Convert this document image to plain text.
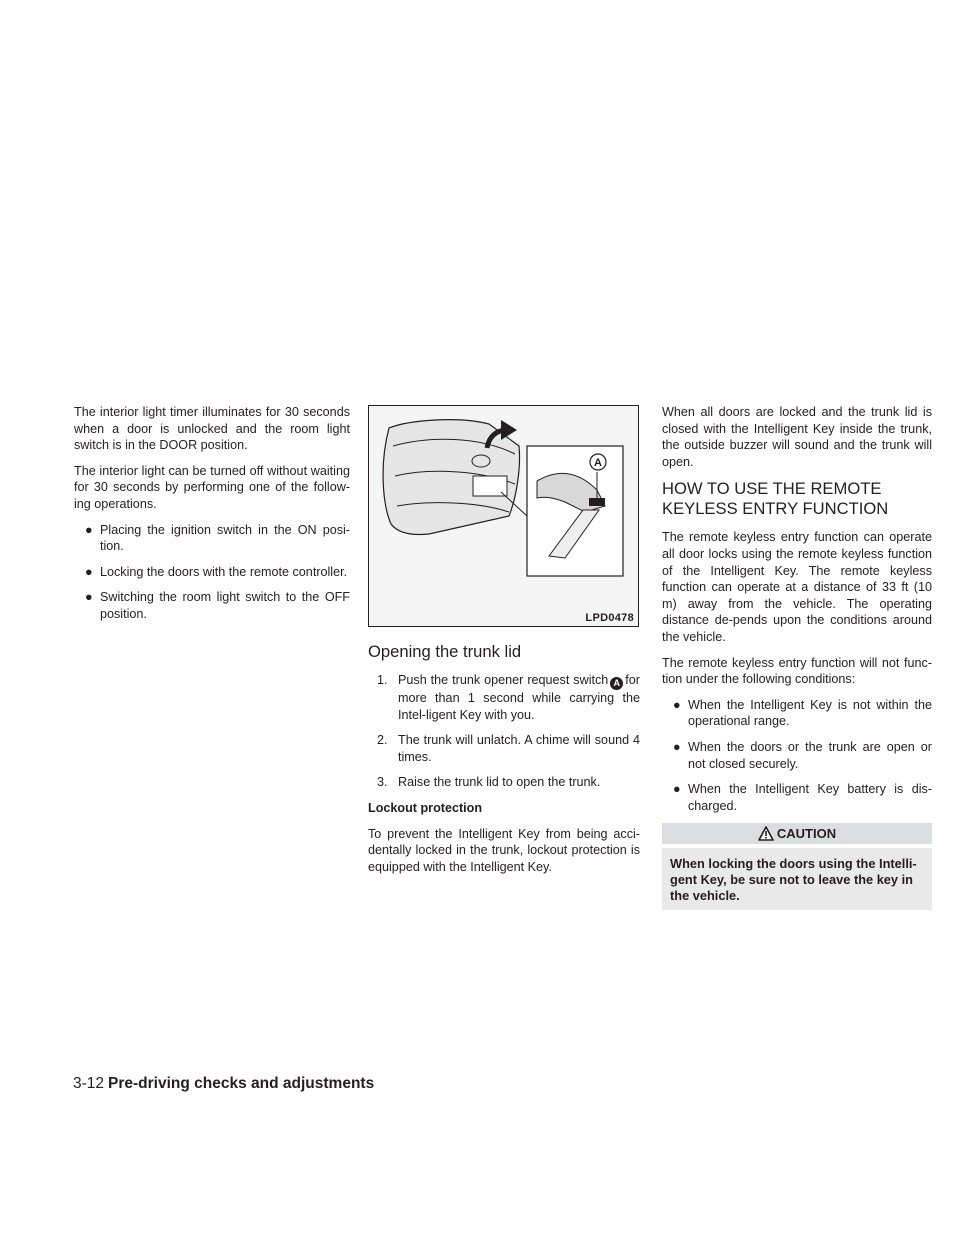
The interior light timer illuminates for 30 seconds when a door is unlocked and the room light switch is in the DOOR position.

The interior light can be turned off without waiting for 30 seconds by performing one of the follow-ing operations.

● Placing the ignition switch in the ON posi-tion.
● Locking the doors with the remote controller.
● Switching the room light switch to the OFF position.
A
LPD0478
Opening the trunk lid
1. Push the trunk opener request switch A for more than 1 second while carrying the Intel-ligent Key with you.
2. The trunk will unlatch. A chime will sound 4 times.
3. Raise the trunk lid to open the trunk.
Lockout protection

To prevent the Intelligent Key from being acci-dentally locked in the trunk, lockout protection is equipped with the Intelligent Key.

When all doors are locked and the trunk lid is closed with the Intelligent Key inside the trunk, the outside buzzer will sound and the trunk will open.

HOW TO USE THE REMOTE KEYLESS ENTRY FUNCTION

The remote keyless entry function can operate all door locks using the remote keyless function of the Intelligent Key. The remote keyless function can operate at a distance of 33 ft (10 m) away from the vehicle. The operating distance de-pends upon the conditions around the vehicle.

The remote keyless entry function will not func-tion under the following conditions:

● When the Intelligent Key is not within the operational range.
● When the doors or the trunk are open or not closed securely.
● When the Intelligent Key battery is dis-charged.
CAUTION
When locking the doors using the Intelli-gent Key, be sure not to leave the key in the vehicle.
3-12 Pre-driving checks and adjustments
